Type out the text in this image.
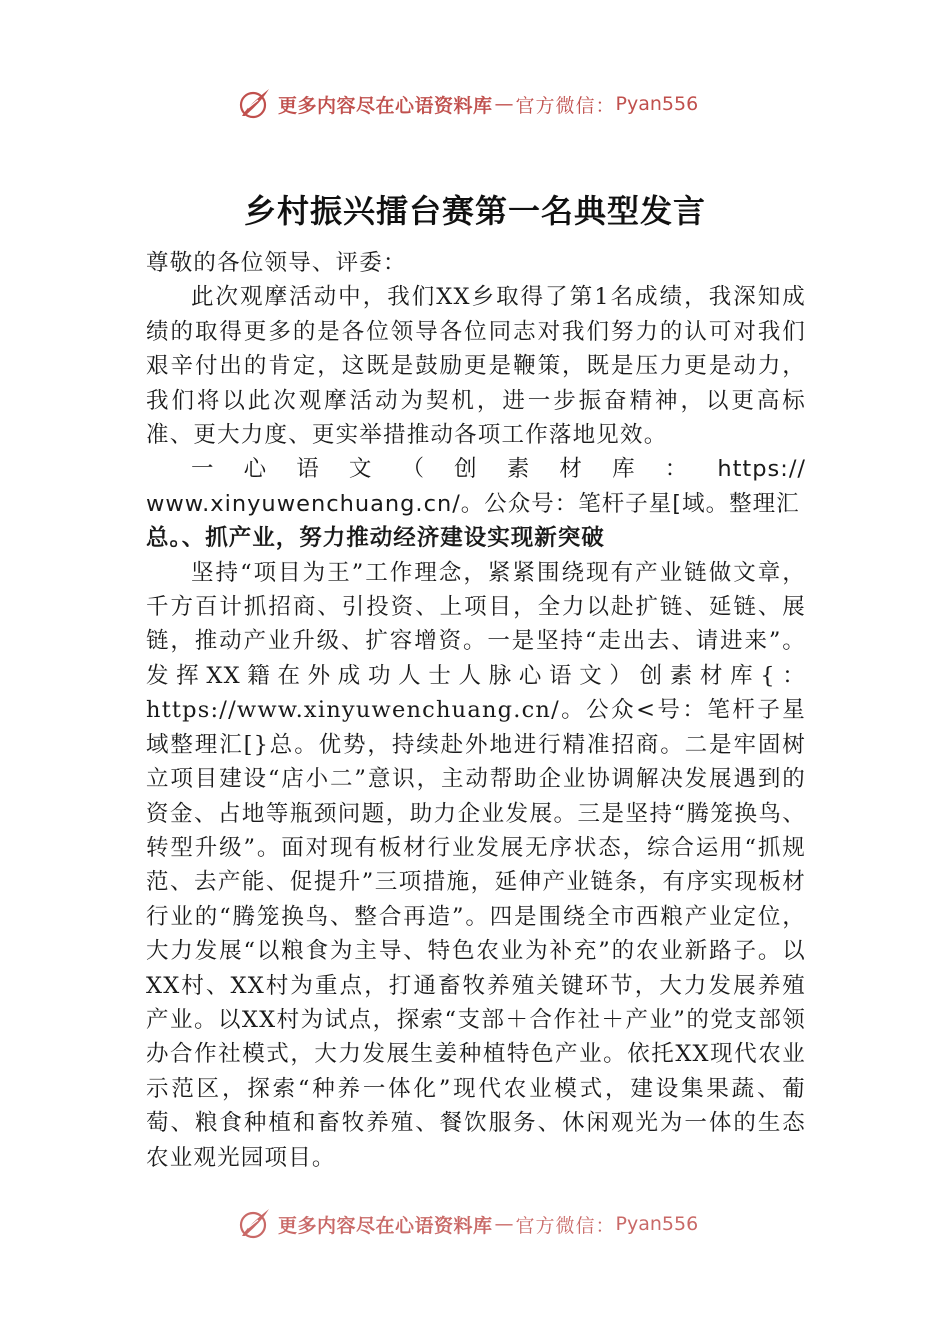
更多内容尽在心语资料库 — 官方微信： Pyan556
乡村振兴擂台赛第一名典型发言

尊敬的各位领导、评委：

此次观摩活动中，我们XX乡取得了第1名成绩，我深知成绩的取得更多的是各位领导各位同志对我们努力的认可对我们艰辛付出的肯定，这既是鼓励更是鞭策，既是压力更是动力，我们将以此次观摩活动为契机，进一步振奋精神，以更高标准、更大力度、更实举措推动各项工作落地见效。

一 心 语 文 （ 创 素 材 库 ： https://

www.xinyuwenchuang.cn/。公众号：笔杆子星[域。整理汇

总。、抓产业，努力推动经济建设实现新突破

坚持“项目为王”工作理念，紧紧围绕现有产业链做文章，千方百计抓招商、引投资、上项目，全力以赴扩链、延链、展链，推动产业升级、扩容增资。一是坚持“走出去、请进来”。发挥XX籍在外成功人士人脉心语文）创素材库{：https://www.xinyuwenchuang.cn/。公众<号：笔杆子星域整理汇[}总。优势，持续赴外地进行精准招商。二是牢固树立项目建设“店小二”意识，主动帮助企业协调解决发展遇到的资金、占地等瓶颈问题，助力企业发展。三是坚持“腾笼换鸟、转型升级”。面对现有板材行业发展无序状态，综合运用“抓规范、去产能、促提升”三项措施，延伸产业链条，有序实现板材行业的“腾笼换鸟、整合再造”。四是围绕全市西粮产业定位，大力发展“以粮食为主导、特色农业为补充”的农业新路子。以XX村、XX村为重点，打通畜牧养殖关键环节，大力发展养殖产业。以XX村为试点，探索“支部＋合作社＋产业”的党支部领办合作社模式，大力发展生姜种植特色产业。依托XX现代农业示范区，探索“种养一体化”现代农业模式，建设集果蔬、葡萄、粮食种植和畜牧养殖、餐饮服务、休闲观光为一体的生态农业观光园项目。

更多内容尽在心语资料库 — 官方微信： Pyan556
